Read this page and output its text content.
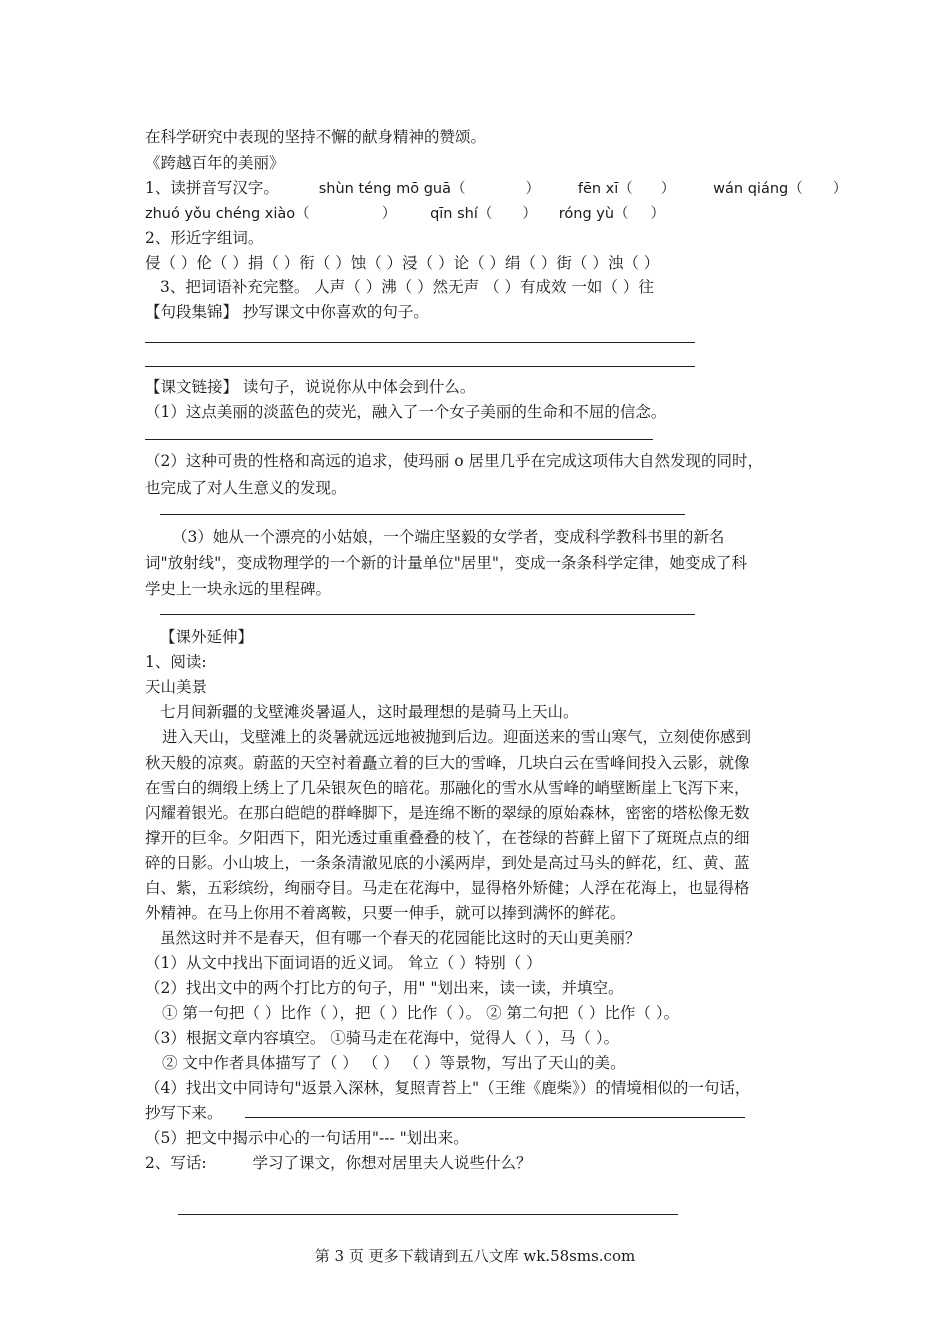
在科学研究中表现的坚持不懈的献身精神的赞颂。
《跨越百年的美丽》
1、读拼音写汉字。	shùn téng mō guā（	）	fēn xī（ ）	wán qiáng（ ）
zhuó yǒu chéng xiào（	） qīn shí（ ） róng yù（ ）
2、形近字组词。
侵（ ）伦（ ）捐（ ）衔（ ）蚀（ ）浸（ ）论（ ）绢（ ）街（ ）浊（ ）
3、把词语补充完整。 人声（ ）沸（ ）然无声 （ ）有成效 一如（ ）往
【句段集锦】 抄写课文中你喜欢的句子。
【课文链接】 读句子，说说你从中体会到什么。
（1）这点美丽的淡蓝色的荧光，融入了一个女子美丽的生命和不屈的信念。
（2）这种可贵的性格和高远的追求，使玛丽 o 居里几乎在完成这项伟大自然发现的同时，
也完成了对人生意义的发现。
（3）她从一个漂亮的小姑娘，一个端庄坚毅的女学者，变成科学教科书里的新名
词"放射线"，变成物理学的一个新的计量单位"居里"，变成一条条科学定律，她变成了科
学史上一块永远的里程碑。
【课外延伸】
1、阅读:
天山美景
七月间新疆的戈壁滩炎暑逼人，这时最理想的是骑马上天山。
进入天山，戈壁滩上的炎暑就远远地被抛到后边。迎面送来的雪山寒气，立刻使你感到
秋天般的凉爽。蔚蓝的天空衬着矗立着的巨大的雪峰，几块白云在雪峰间投入云影，就像
在雪白的绸缎上绣上了几朵银灰色的暗花。那融化的雪水从雪峰的峭壁断崖上飞泻下来，
闪耀着银光。在那白皑皑的群峰脚下，是连绵不断的翠绿的原始森林，密密的塔松像无数
撑开的巨伞。夕阳西下，阳光透过重重叠叠的枝丫，在苍绿的苔藓上留下了斑斑点点的细
碎的日影。小山坡上，一条条清澈见底的小溪两岸，到处是高过马头的鲜花，红、黄、蓝
白、紫，五彩缤纷，绚丽夺目。马走在花海中，显得格外矫健；人浮在花海上，也显得格
外精神。在马上你用不着离鞍，只要一伸手，就可以捧到满怀的鲜花。
虽然这时并不是春天，但有哪一个春天的花园能比这时的天山更美丽？
（1）从文中找出下面词语的近义词。 耸立（ ）特别（ ）
（2）找出文中的两个打比方的句子，用" "划出来，读一读，并填空。
① 第一句把（ ）比作（ ），把（ ）比作（ ）。 ② 第二句把（ ）比作（ ）。
（3）根据文章内容填空。 ①骑马走在花海中，觉得人（ ），马（ ）。
② 文中作者具体描写了（ ） （ ） （ ）等景物，写出了天山的美。
（4）找出文中同诗句"返景入深林，复照青苔上"（王维《鹿柴》）的情境相似的一句话，
抄写下来。
（5）把文中揭示中心的一句话用"--- "划出来。
2、写话:	学习了课文，你想对居里夫人说些什么？
第 3 页 更多下载请到五八文库 wk.58sms.com
